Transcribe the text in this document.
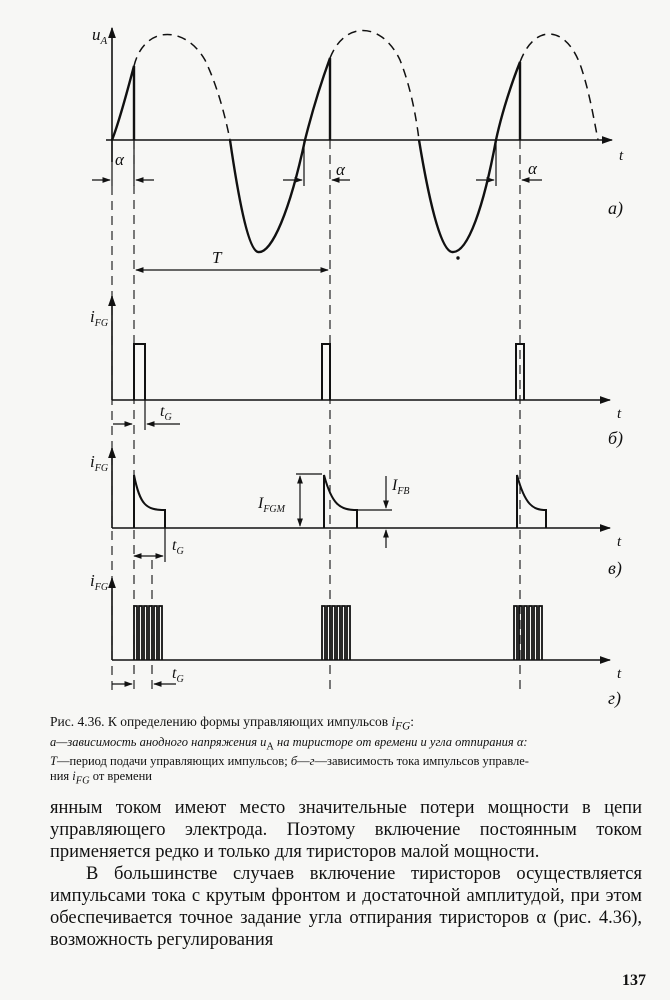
$u_A$
t
α
α	α
а)
T
$i_{FG}$
t
$t_G$
б)
$i_{FG}$
t
$I_{FGM}$
$I_{FB}$
$t_G$
в)
$i_{FG}$
t
$t_G$
г)
Рис. 4.36. К определению формы управляющих импульсов $i_{FG}$:
а—зависимость анодного напряжения $u_А$ на тиристоре от времени и угла отпирания α:
T—период подачи управляющих импульсов; б—г—зависимость тока импульсов управле-
ния $i_{FG}$ от времени

янным током имеют место значительные потери мощности в цепи управляющего электрода. Поэтому включение постоянным током применяется редко и только для тиристоров малой мощности.

В большинстве случаев включение тиристоров осуществляется импульсами тока с крутым фронтом и достаточной амплитудой, при этом обеспечивается точное задание угла отпирания тиристоров α (рис. 4.36), возможность регулирования

137
